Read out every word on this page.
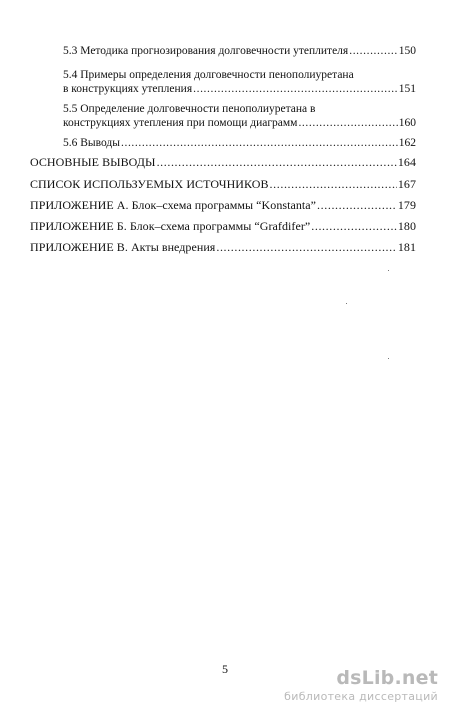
5.3 Методика прогнозирования долговечности утеплителя .....	150
5.4 Примеры определения долговечности пенополиуретана
в конструкциях утепления .....	151
5.5 Определение долговечности пенополиуретана в
конструкциях утепления при помощи диаграмм .....	160
5.6 Выводы .....	162
ОСНОВНЫЕ ВЫВОДЫ .....	164
СПИСОК ИСПОЛЬЗУЕМЫХ ИСТОЧНИКОВ .....	167
ПРИЛОЖЕНИЕ А. Блок–схема программы “Konstanta” .....	179
ПРИЛОЖЕНИЕ Б. Блок–схема программы “Grafdifer” .....	180
ПРИЛОЖЕНИЕ В. Акты внедрения .....	181
5	dsLib.net
библиотека диссертаций
